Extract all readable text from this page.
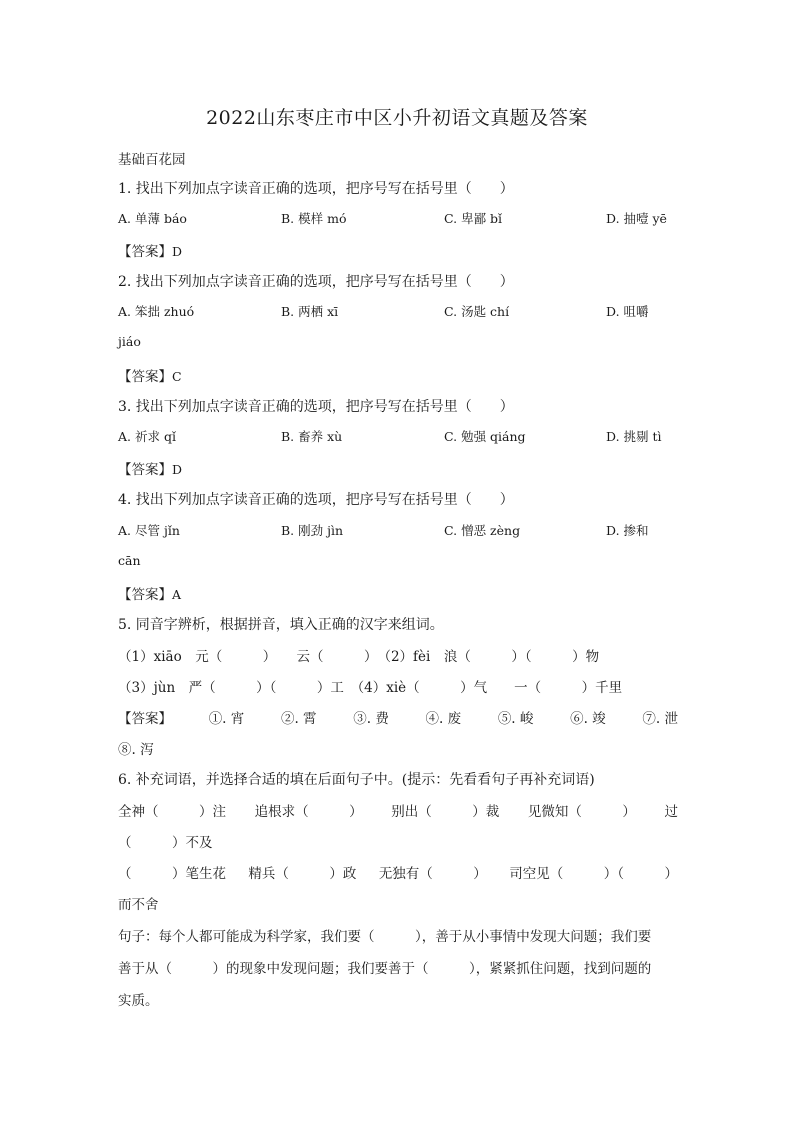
2022山东枣庄市中区小升初语文真题及答案
基础百花园
1. 找出下列加点字读音正确的选项，把序号写在括号里（　　）
A. 单薄 báo	B. 模样 mó	C. 卑鄙 bǐ	D. 抽噎 yē
【答案】D
2. 找出下列加点字读音正确的选项，把序号写在括号里（　　）
A. 笨拙 zhuó	B. 两栖 xī	C. 汤匙 chí	D. 咀嚼
jiáo
【答案】C
3. 找出下列加点字读音正确的选项，把序号写在括号里（　　）
A. 祈求 qǐ	B. 畜养 xù	C. 勉强 qiáng	D. 挑剔 tì
【答案】D
4. 找出下列加点字读音正确的选项，把序号写在括号里（　　）
A. 尽管 jǐn	B. 刚劲 jìn	C. 憎恶 zèng	D. 掺和
cān
【答案】A
5. 同音字辨析，根据拼音，填入正确的汉字来组词。
（1）xiāo　元（　　　）　　云（　　　）　（2）fèi　浪（　　　）（　　　）物
（3）jùn　严（　　　）（　　　）工　（4）xiè（　　　）气　　一（　　　）千里
【答案】	①. 宵	②. 霄	③. 费	④. 废	⑤. 峻	⑥. 竣	⑦. 泄
⑧. 泻
6. 补充词语，并选择合适的填在后面句子中。(提示：先看看句子再补充词语)
全神（　　　）注 追根求（　　　） 别出（　　　）裁 见微知（　　　） 过
（　　　）不及
（　　　）笔生花 精兵（　　　）政 无独有（　　　） 司空见（　　　）（　　　）
而不舍
句子：每个人都可能成为科学家，我们要（　　　），善于从小事情中发现大问题；我们要
善于从（　　　）的现象中发现问题；我们要善于（　　　），紧紧抓住问题，找到问题的
实质。
